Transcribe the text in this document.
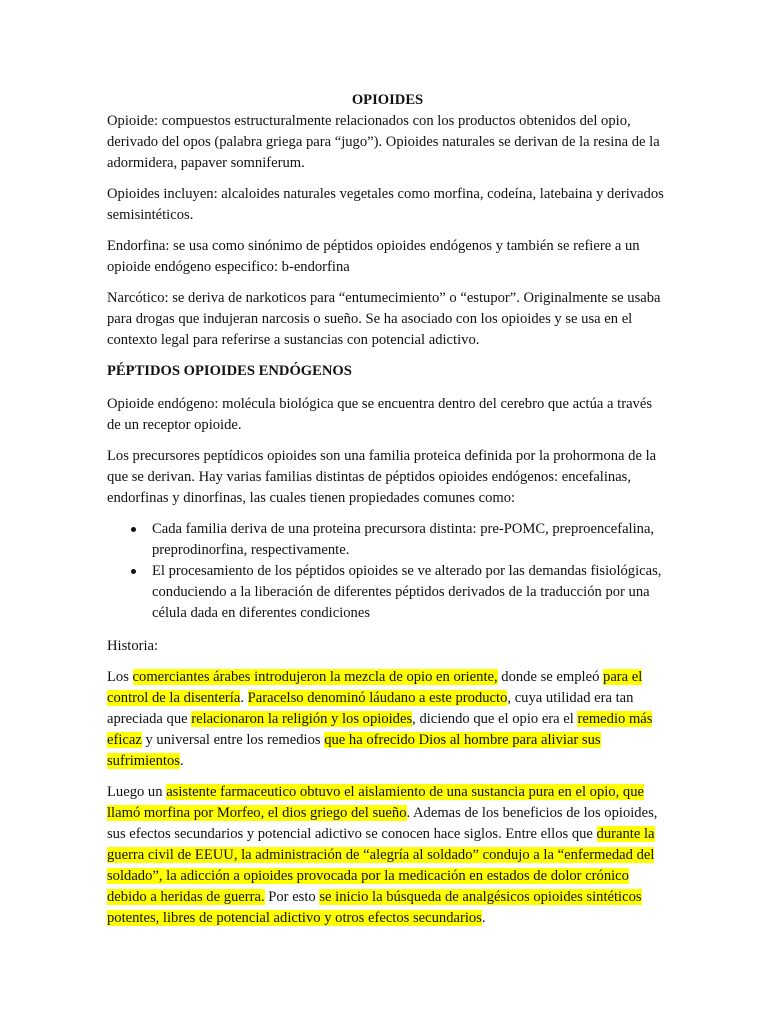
OPIOIDES

Opioide: compuestos estructuralmente relacionados con los productos obtenidos del opio, derivado del opos (palabra griega para “jugo”). Opioides naturales se derivan de la resina de la adormidera, papaver somniferum.

Opioides incluyen: alcaloides naturales vegetales como morfina, codeína, latebaina y derivados semisintéticos.

Endorfina: se usa como sinónimo de péptidos opioides endógenos y también se refiere a un opioide endógeno especifico: b-endorfina

Narcótico: se deriva de narkoticos para “entumecimiento” o “estupor”. Originalmente se usaba para drogas que indujeran narcosis o sueño. Se ha asociado con los opioides y se usa en el contexto legal para referirse a sustancias con potencial adictivo.

PÉPTIDOS OPIOIDES ENDÓGENOS

Opioide endógeno: molécula biológica que se encuentra dentro del cerebro que actúa a través de un receptor opioide.

Los precursores peptídicos opioides son una familia proteica definida por la prohormona de la que se derivan. Hay varias familias distintas de péptidos opioides endógenos: encefalinas, endorfinas y dinorfinas, las cuales tienen propiedades comunes como:

Cada familia deriva de una proteina precursora distinta: pre-POMC, preproencefalina, preprodinorfina, respectivamente.
El procesamiento de los péptidos opioides se ve alterado por las demandas fisiológicas, conduciendo a la liberación de diferentes péptidos derivados de la traducción por una célula dada en diferentes condiciones

Historia:

Los comerciantes árabes introdujeron la mezcla de opio en oriente, donde se empleó para el control de la disentería. Paracelso denominó láudano a este producto, cuya utilidad era tan apreciada que relacionaron la religión y los opioides, diciendo que el opio era el remedio más eficaz y universal entre los remedios que ha ofrecido Dios al hombre para aliviar sus sufrimientos.

Luego un asistente farmaceutico obtuvo el aislamiento de una sustancia pura en el opio, que llamó morfina por Morfeo, el dios griego del sueño. Ademas de los beneficios de los opioides, sus efectos secundarios y potencial adictivo se conocen hace siglos. Entre ellos que durante la guerra civil de EEUU, la administración de “alegría al soldado” condujo a la “enfermedad del soldado”, la adicción a opioides provocada por la medicación en estados de dolor crónico debido a heridas de guerra. Por esto se inicio la búsqueda de analgésicos opioides sintéticos potentes, libres de potencial adictivo y otros efectos secundarios.
